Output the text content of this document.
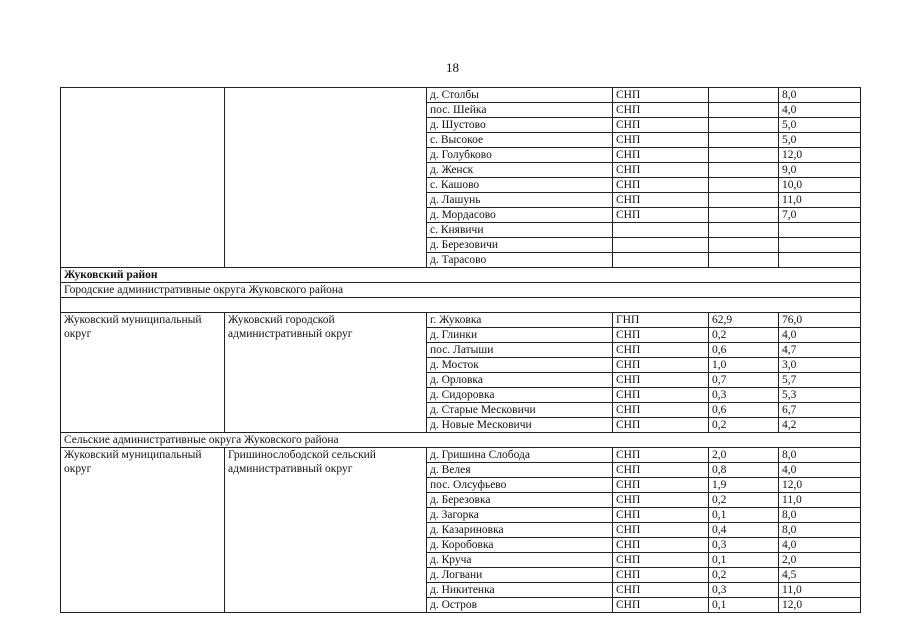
18
		д. Столбы	СНП		8,0
		пос. Шейка	СНП		4,0
		д. Шустово	СНП		5,0
		с. Высокое	СНП		5,0
		д. Голубково	СНП		12,0
		д. Женск	СНП		9,0
		с. Кашово	СНП		10,0
		д. Лашунь	СНП		11,0
		д. Мордасово	СНП		7,0
		с. Княвичи			
		д. Березовичи			
		д. Тарасово			
Жуковский район					
Городские административные округа Жуковского района					

Жуковский муниципальный округ	Жуковский городской административный округ	г. Жуковка	ГНП	62,9	76,0
		д. Глинки	СНП	0,2	4,0
		пос. Латыши	СНП	0,6	4,7
		д. Мосток	СНП	1,0	3,0
		д. Орловка	СНП	0,7	5,7
		д. Сидоровка	СНП	0,3	5,3
		д. Старые Месковичи	СНП	0,6	6,7
		д. Новые Месковичи	СНП	0,2	4,2
Сельские административные округа Жуковского района					
Жуковский муниципальный округ	Гришинослободской сельский административный округ	д. Гришина Слобода	СНП	2,0	8,0
		д. Велея	СНП	0,8	4,0
		пос. Олсуфьево	СНП	1,9	12,0
		д. Березовка	СНП	0,2	11,0
		д. Загорка	СНП	0,1	8,0
		д. Казариновка	СНП	0,4	8,0
		д. Коробовка	СНП	0,3	4,0
		д. Круча	СНП	0,1	2,0
		д. Логвани	СНП	0,2	4,5
		д. Никитенка	СНП	0,3	11,0
		д. Остров	СНП	0,1	12,0
